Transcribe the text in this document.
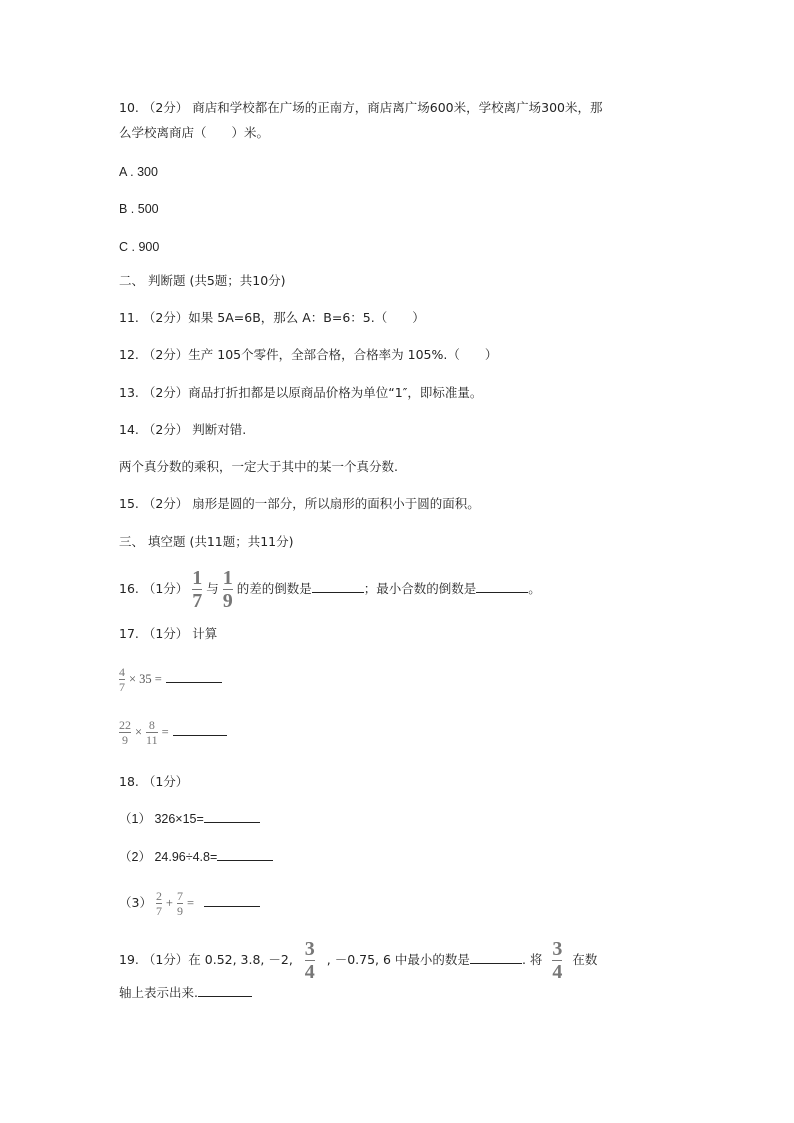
10. （2分） 商店和学校都在广场的正南方，商店离广场600米，学校离广场300米，那
么学校离商店（　　）米。
A . 300
B . 500
C . 900
二、 判断题 (共5题；共10分)
11. （2分）如果 5A=6B，那么 A：B=6：5.（　　）
12. （2分）生产 105个零件，全部合格，合格率为 105%.（　　）
13. （2分）商品打折扣都是以原商品价格为单位“1″，即标准量。
14. （2分） 判断对错.
两个真分数的乘积，一定大于其中的某一个真分数.
15. （2分） 扇形是圆的一部分，所以扇形的面积小于圆的面积。
三、 填空题 (共11题；共11分)
16. （1分） $\frac{1}{7}$ 与 $\frac{1}{9}$ 的差的倒数是	；最小合数的倒数是	。
17. （1分） 计算
$\frac{4}{7} \times 35$ =
$\frac{22}{9} \times \frac{8}{11}$ =
18. （1分）
（1） 326×15=
（2） 24.96÷4.8=
$(3) \frac{2}{7} + \frac{7}{9}$ =
19. （1分）在 0.52, 3.8, －2, $\frac{3}{4}$ , －0.75, 6 中最小的数是	. 将 $\frac{3}{4}$ 在数
轴上表示出来.
